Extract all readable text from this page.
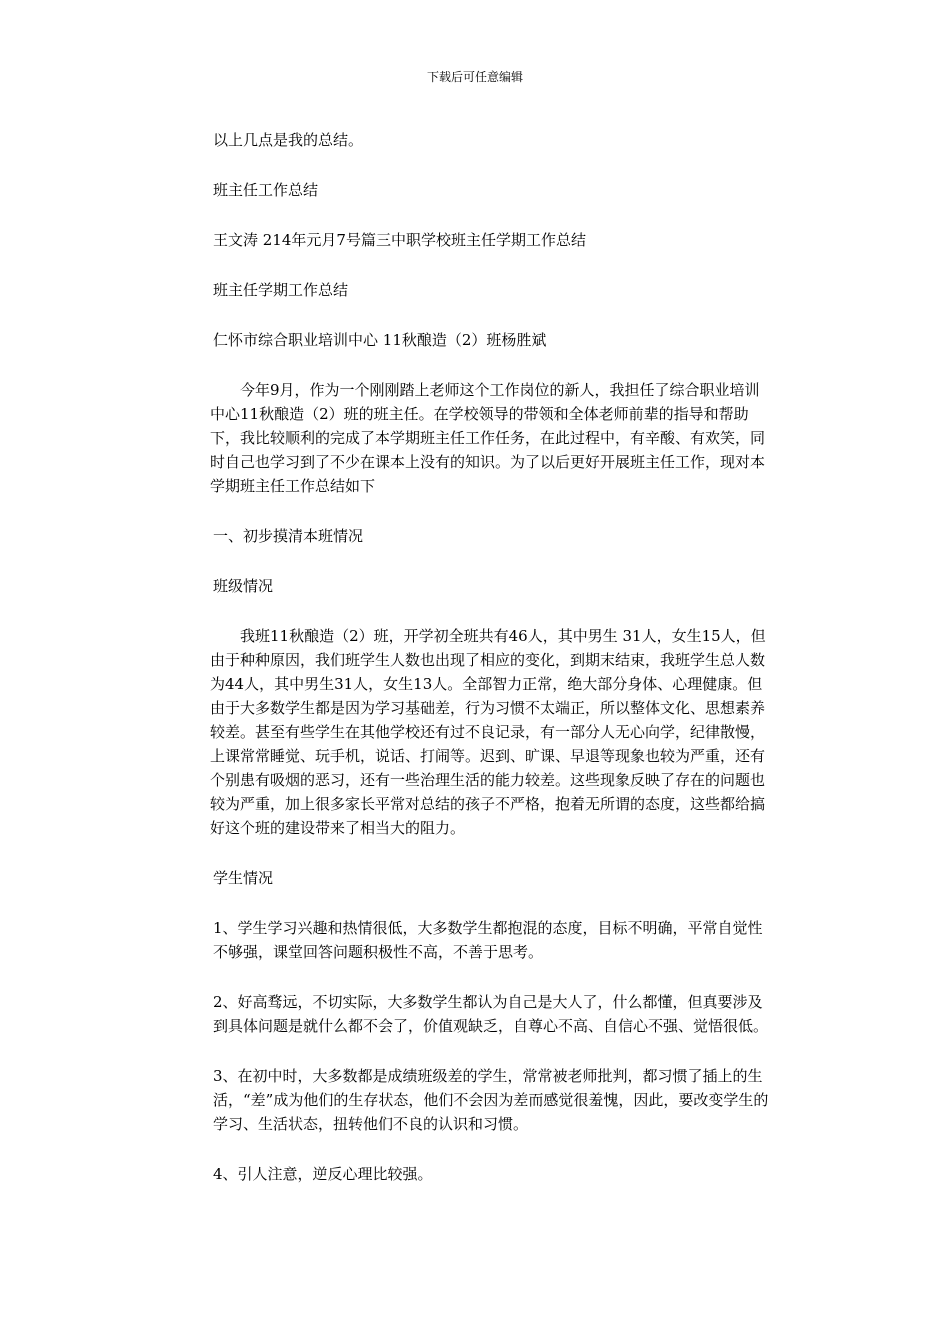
下载后可任意编辑

以上几点是我的总结。

班主任工作总结

王文涛 214年元月7号篇三中职学校班主任学期工作总结

班主任学期工作总结

仁怀市综合职业培训中心 11秋酿造（2）班杨胜斌

今年9月，作为一个刚刚踏上老师这个工作岗位的新人，我担任了综合职业培训中心11秋酿造（2）班的班主任。在学校领导的带领和全体老师前辈的指导和帮助下，我比较顺利的完成了本学期班主任工作任务，在此过程中，有辛酸、有欢笑，同时自己也学习到了不少在课本上没有的知识。为了以后更好开展班主任工作，现对本学期班主任工作总结如下

一、初步摸清本班情况

班级情况

我班11秋酿造（2）班，开学初全班共有46人，其中男生 31人，女生15人，但由于种种原因，我们班学生人数也出现了相应的变化，到期末结束，我班学生总人数为44人，其中男生31人，女生13人。全部智力正常，绝大部分身体、心理健康。但由于大多数学生都是因为学习基础差，行为习惯不太端正，所以整体文化、思想素养较差。甚至有些学生在其他学校还有过不良记录，有一部分人无心向学，纪律散慢，上课常常睡觉、玩手机，说话、打闹等。迟到、旷课、早退等现象也较为严重，还有个别患有吸烟的恶习，还有一些治理生活的能力较差。这些现象反映了存在的问题也较为严重，加上很多家长平常对总结的孩子不严格，抱着无所谓的态度，这些都给搞好这个班的建设带来了相当大的阻力。

学生情况

1、学生学习兴趣和热情很低，大多数学生都抱混的态度，目标不明确，平常自觉性不够强，课堂回答问题积极性不高，不善于思考。

2、好高骛远，不切实际，大多数学生都认为自己是大人了，什么都懂，但真要涉及到具体问题是就什么都不会了，价值观缺乏，自尊心不高、自信心不强、觉悟很低。

3、在初中时，大多数都是成绩班级差的学生，常常被老师批判，都习惯了插上的生活，“差”成为他们的生存状态，他们不会因为差而感觉很羞愧，因此，要改变学生的学习、生活状态，扭转他们不良的认识和习惯。

4、引人注意，逆反心理比较强。
